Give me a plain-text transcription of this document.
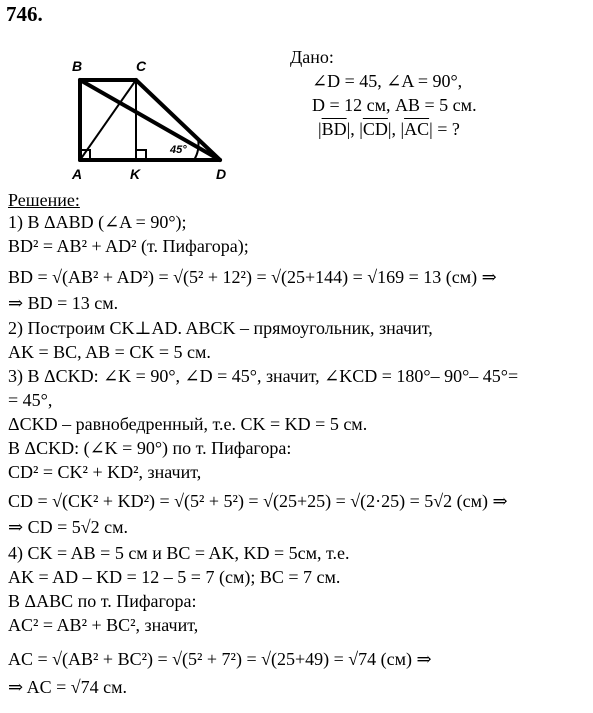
746.
B	C
A	K	D
45°
Дано:
∠D = 45, ∠A = 90°,
D = 12 см, AB = 5 см.
$|\overline{BD}|$, $|\overline{CD}|$, $|\overline{AC}|$ = ?
Решение:
1) В ΔABD (∠A = 90°);
BD² = AB² + AD² (т. Пифагора);
BD = √(AB² + AD²) = √(5² + 12²) = √(25+144) = √169 = 13 (см) ⇒
⇒ BD = 13 см.
2) Построим CK⊥AD. ABCK – прямоугольник, значит,
AK = BC, AB = CK = 5 см.
3) В ΔCKD: ∠K = 90°, ∠D = 45°, значит, ∠KCD = 180°– 90°– 45°=
= 45°,
ΔCKD – равнобедренный, т.е. CK = KD = 5 см.
В ΔCKD: (∠K = 90°) по т. Пифагора:
CD² = CK² + KD², значит,
CD = √(CK² + KD²) = √(5² + 5²) = √(25+25) = √(2·25) = 5√2 (см) ⇒
⇒ CD = 5√2 см.
4) CK = AB = 5 см и BC = AK, KD = 5см, т.е.
AK = AD – KD = 12 – 5 = 7 (см); BC = 7 см.
В ΔABC по т. Пифагора:
AC² = AB² + BC², значит,
AC = √(AB² + BC²) = √(5² + 7²) = √(25+49) = √74 (см) ⇒
⇒ AC = √74 см.
